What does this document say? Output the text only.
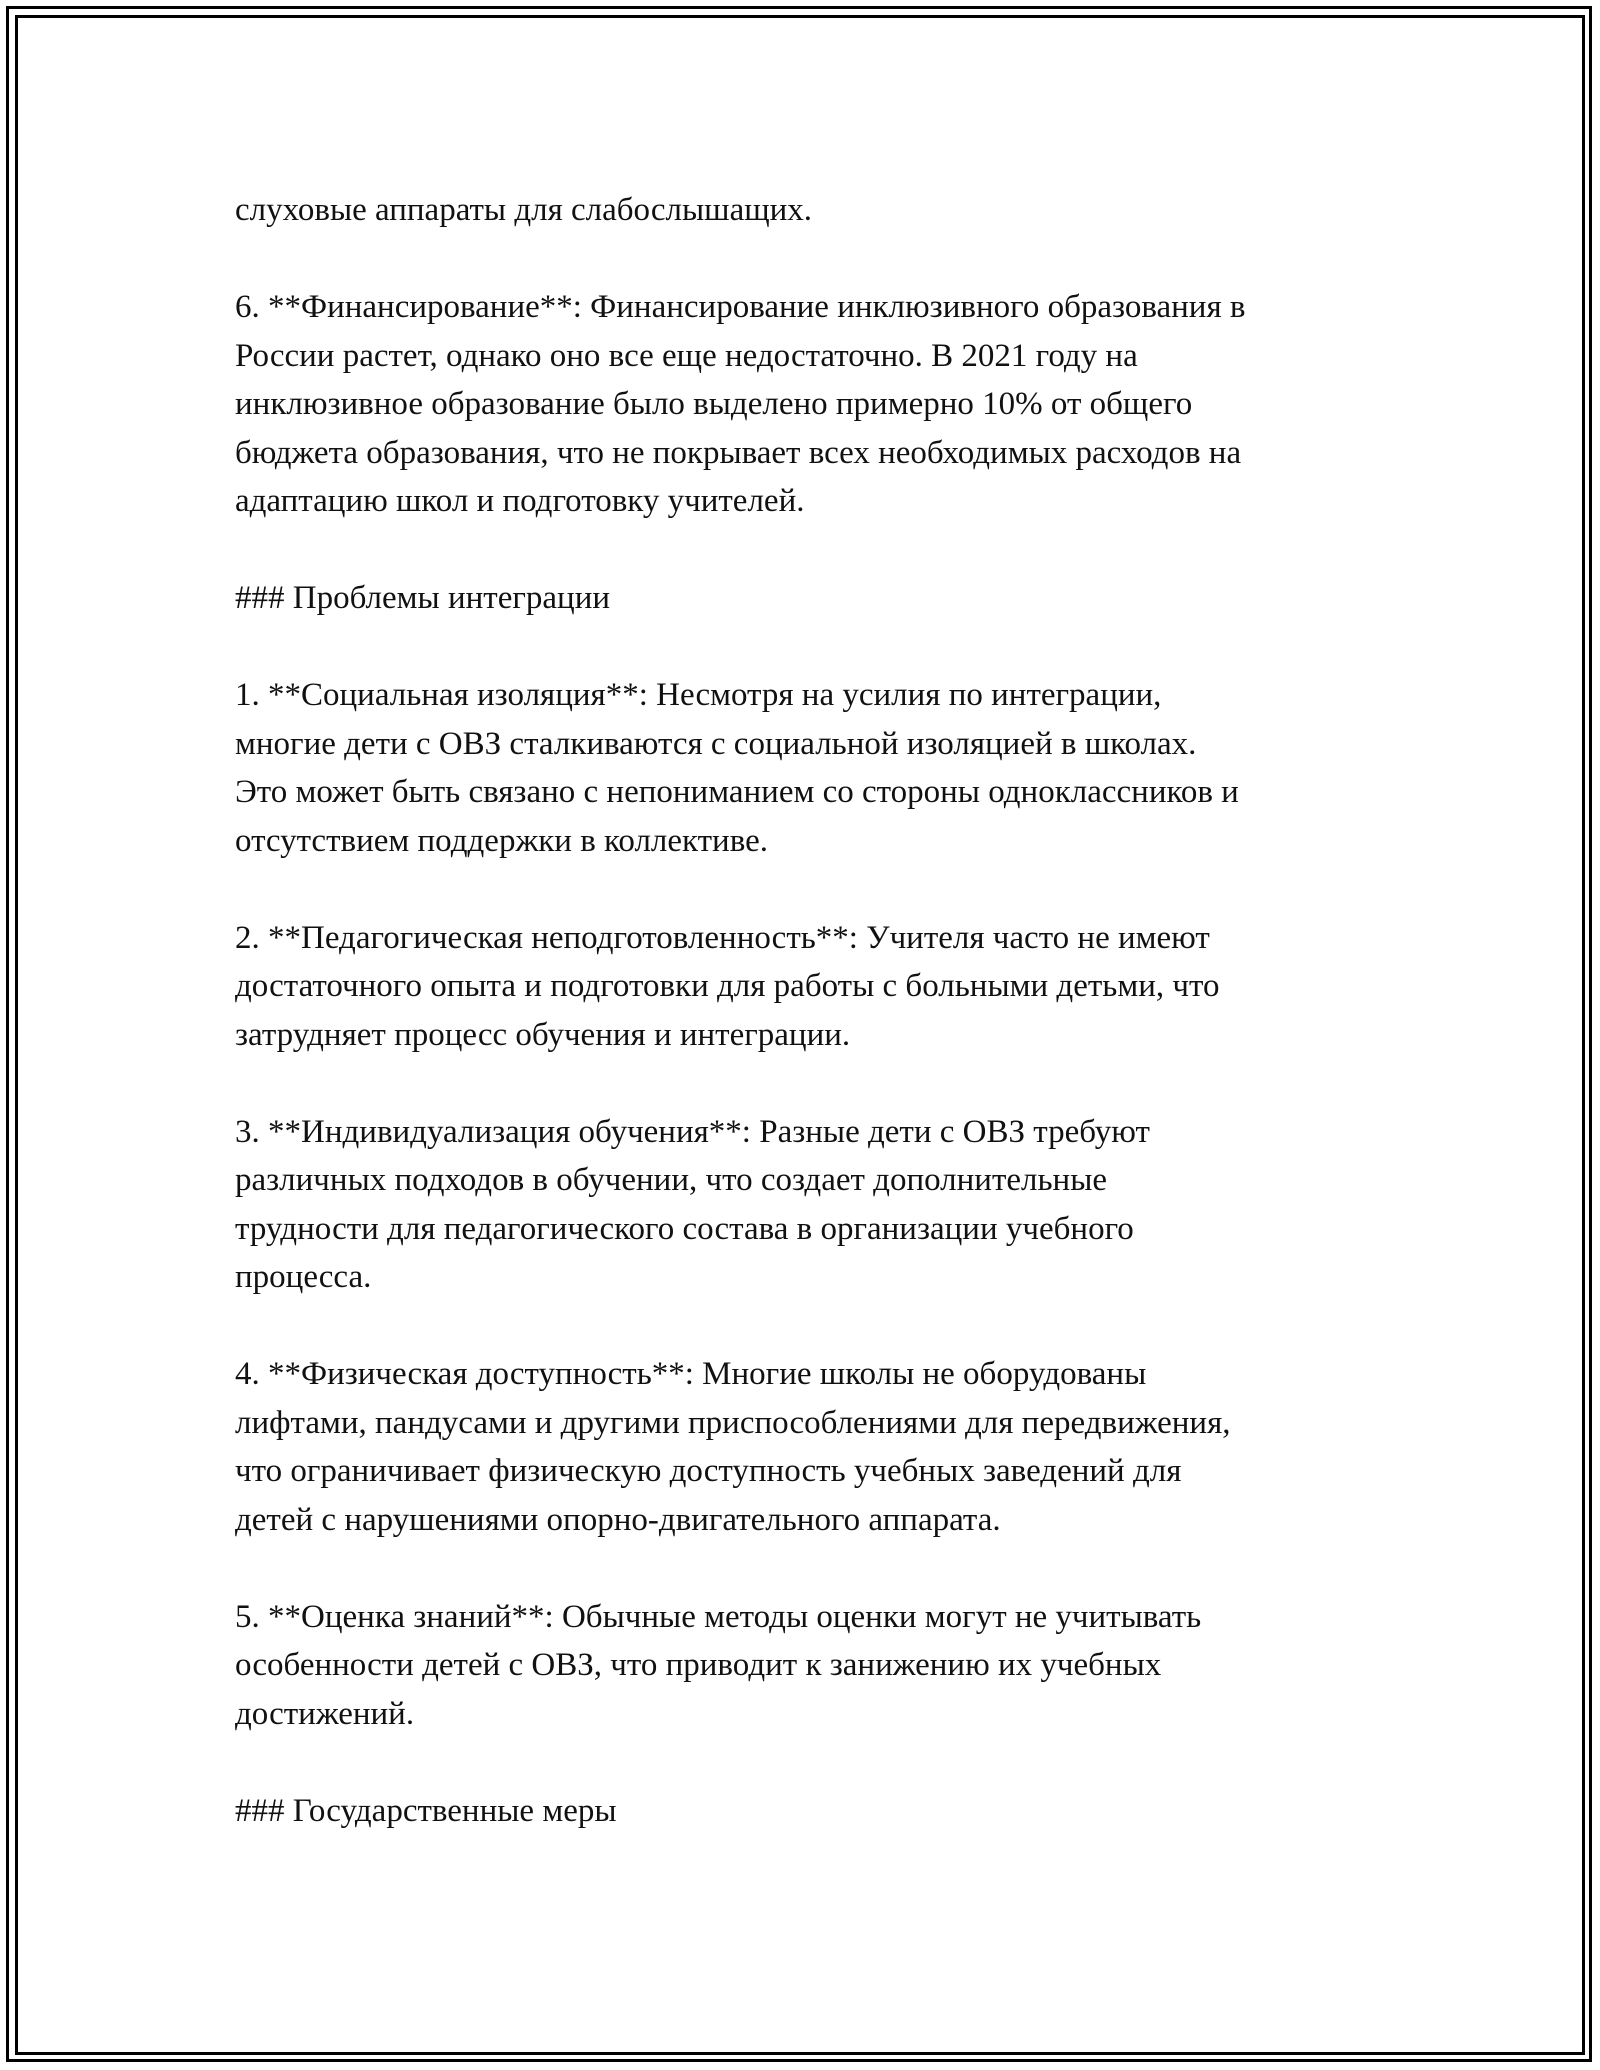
слуховые аппараты для слабослышащих.

6. **Финансирование**: Финансирование инклюзивного образования в
России растет, однако оно все еще недостаточно. В 2021 году на
инклюзивное образование было выделено примерно 10% от общего
бюджета образования, что не покрывает всех необходимых расходов на
адаптацию школ и подготовку учителей.

### Проблемы интеграции

1. **Социальная изоляция**: Несмотря на усилия по интеграции,
многие дети с ОВЗ сталкиваются с социальной изоляцией в школах.
Это может быть связано с непониманием со стороны одноклассников и
отсутствием поддержки в коллективе.

2. **Педагогическая неподготовленность**: Учителя часто не имеют
достаточного опыта и подготовки для работы с больными детьми, что
затрудняет процесс обучения и интеграции.

3. **Индивидуализация обучения**: Разные дети с ОВЗ требуют
различных подходов в обучении, что создает дополнительные
трудности для педагогического состава в организации учебного
процесса.

4. **Физическая доступность**: Многие школы не оборудованы
лифтами, пандусами и другими приспособлениями для передвижения,
что ограничивает физическую доступность учебных заведений для
детей с нарушениями опорно-двигательного аппарата.

5. **Оценка знаний**: Обычные методы оценки могут не учитывать
особенности детей с ОВЗ, что приводит к занижению их учебных
достижений.

### Государственные меры
